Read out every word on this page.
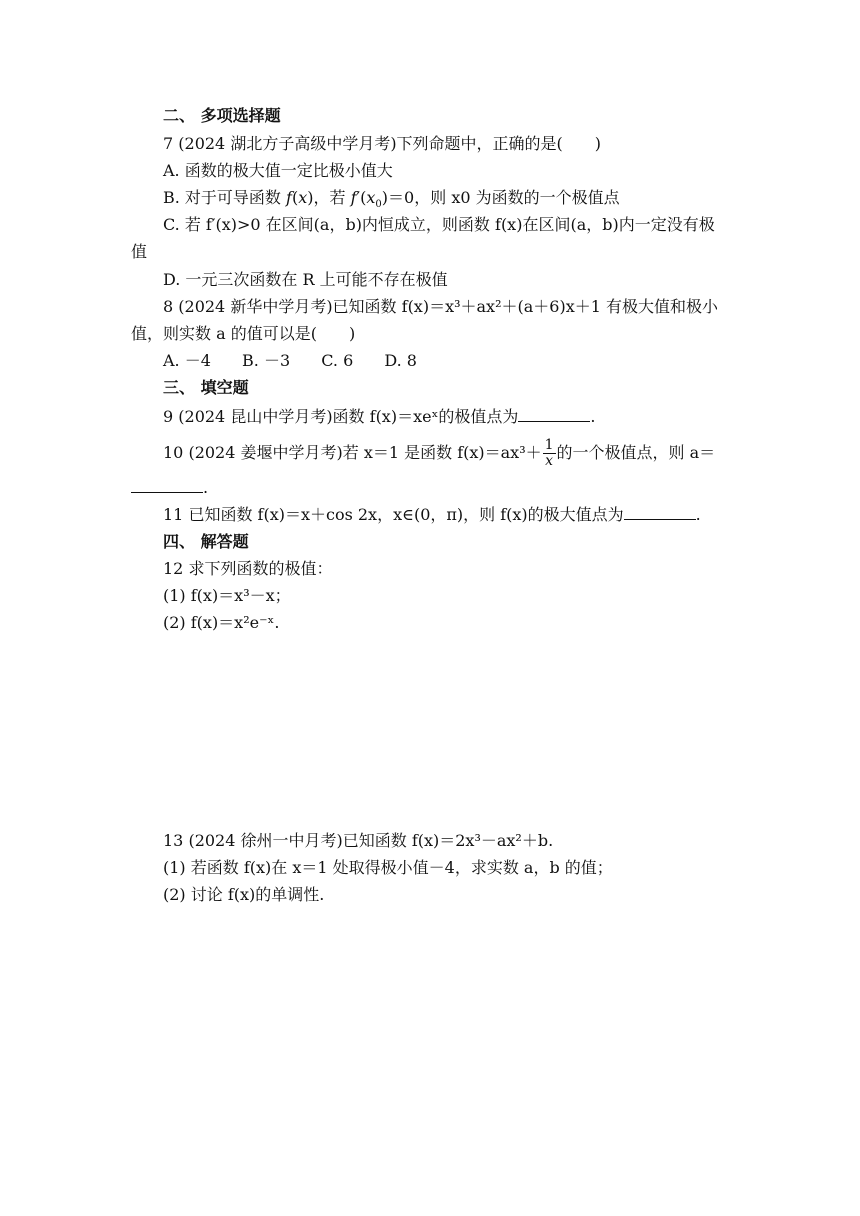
二、 多项选择题
7 (2024 湖北方子高级中学月考)下列命题中，正确的是(　　)
A. 函数的极大值一定比极小值大
B. 对于可导函数 f(x)，若 $f'(x_0)=0$，则 x0 为函数的一个极值点
C. 若 f′(x)>0 在区间(a，b)内恒成立，则函数 f(x)在区间(a，b)内一定没有极
值
D. 一元三次函数在 R 上可能不存在极值
8 (2024 新华中学月考)已知函数 f(x)＝x³＋ax²＋(a＋6)x＋1 有极大值和极小
值，则实数 a 的值可以是(　　)
A. －4 B. －3 C. 6 D. 8
三、 填空题
9 (2024 昆山中学月考)函数 f(x)＝xeˣ的极值点为	.
10 (2024 姜堰中学月考)若 x＝1 是函数 $f(x)=ax^3+ \frac{1}{x}$ 的一个极值点，则 a＝
.
11 已知函数 f(x)＝x＋cos 2x，x∈(0，π)，则 f(x)的极大值点为	.
四、 解答题
12 求下列函数的极值：
(1) f(x)＝x³－x；
(2) f(x)＝x²e⁻ˣ.
13 (2024 徐州一中月考)已知函数 f(x)＝2x³－ax²＋b.
(1) 若函数 f(x)在 x＝1 处取得极小值－4，求实数 a，b 的值；
(2) 讨论 f(x)的单调性.
